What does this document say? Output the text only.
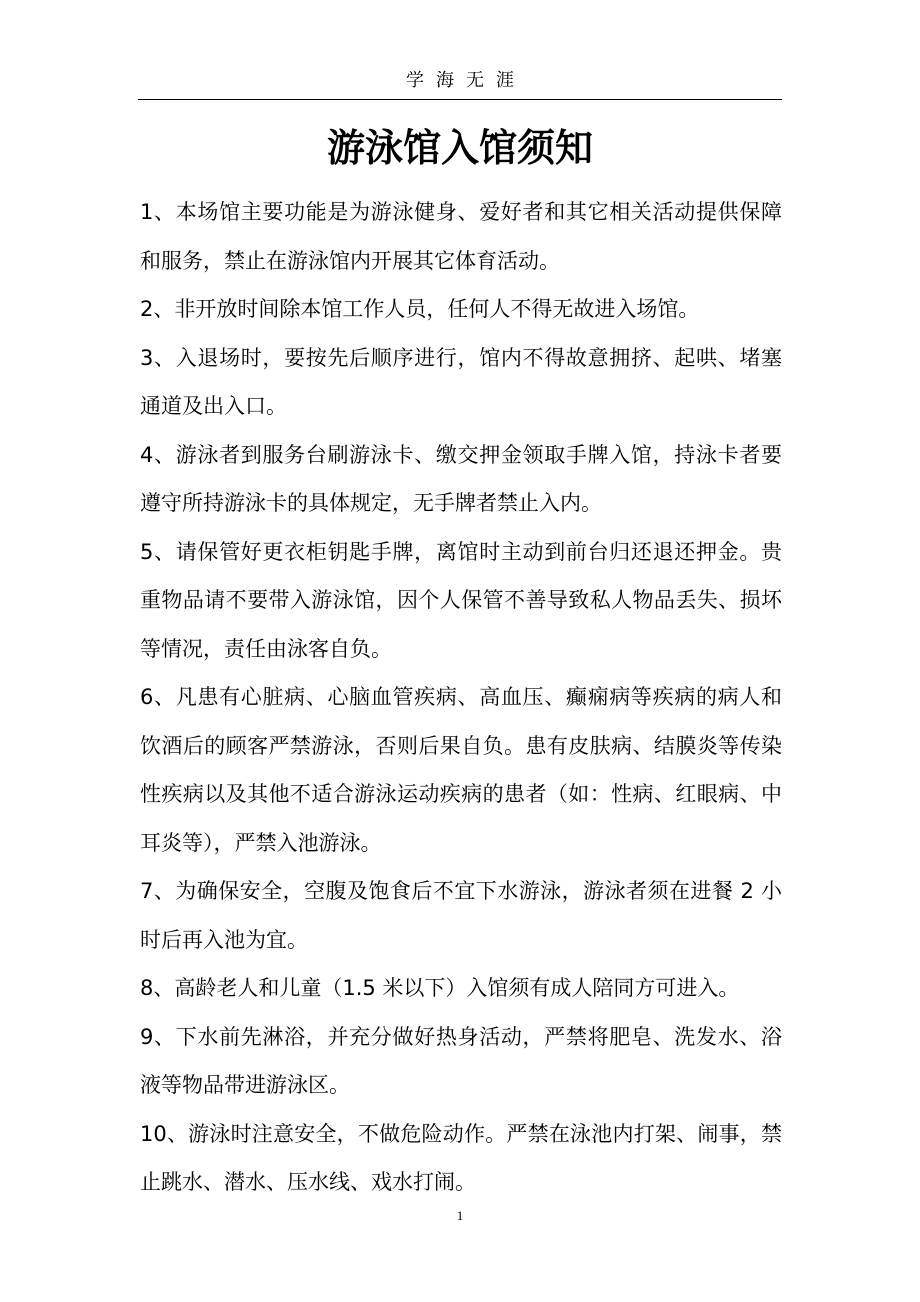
学海无涯
游泳馆入馆须知

1、本场馆主要功能是为游泳健身、爱好者和其它相关活动提供保障和服务，禁止在游泳馆内开展其它体育活动。

2、非开放时间除本馆工作人员，任何人不得无故进入场馆。

3、入退场时，要按先后顺序进行，馆内不得故意拥挤、起哄、堵塞通道及出入口。

4、游泳者到服务台刷游泳卡、缴交押金领取手牌入馆，持泳卡者要遵守所持游泳卡的具体规定，无手牌者禁止入内。

5、请保管好更衣柜钥匙手牌，离馆时主动到前台归还退还押金。贵重物品请不要带入游泳馆，因个人保管不善导致私人物品丢失、损坏等情况，责任由泳客自负。

6、凡患有心脏病、心脑血管疾病、高血压、癫痫病等疾病的病人和饮酒后的顾客严禁游泳，否则后果自负。患有皮肤病、结膜炎等传染性疾病以及其他不适合游泳运动疾病的患者（如：性病、红眼病、中耳炎等），严禁入池游泳。

7、为确保安全，空腹及饱食后不宜下水游泳，游泳者须在进餐 2 小时后再入池为宜。

8、高龄老人和儿童（1.5 米以下）入馆须有成人陪同方可进入。

9、下水前先淋浴，并充分做好热身活动，严禁将肥皂、洗发水、浴液等物品带进游泳区。

10、游泳时注意安全，不做危险动作。严禁在泳池内打架、闹事，禁止跳水、潜水、压水线、戏水打闹。

1
